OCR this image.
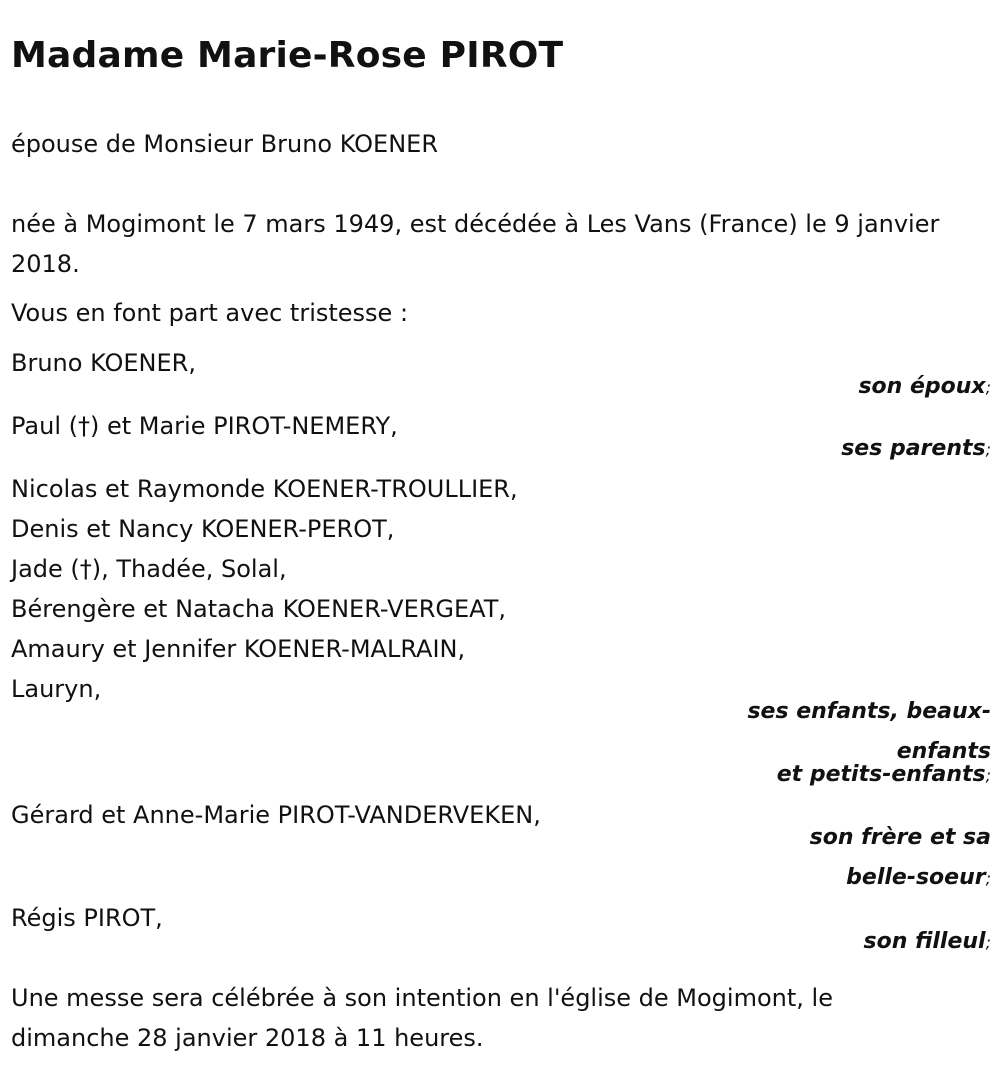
Madame Marie-Rose PIROT
épouse de Monsieur Bruno KOENER
née à Mogimont le 7 mars 1949, est décédée à Les Vans (France) le 9 janvier 2018.
Vous en font part avec tristesse :
Bruno KOENER,
son époux;
Paul (†) et Marie PIROT-NEMERY,
ses parents;
Nicolas et Raymonde KOENER-TROULLIER,
Denis et Nancy KOENER-PEROT,
Jade (†), Thadée, Solal,
Bérengère et Natacha KOENER-VERGEAT,
Amaury et Jennifer KOENER-MALRAIN,
Lauryn,
ses enfants, beaux-
enfants
et petits-enfants;
Gérard et Anne-Marie PIROT-VANDERVEKEN,
son frère et sa
belle-soeur;
Régis PIROT,
son filleul;
Une messe sera célébrée à son intention en l'église de Mogimont, le dimanche 28 janvier 2018 à 11 heures.
